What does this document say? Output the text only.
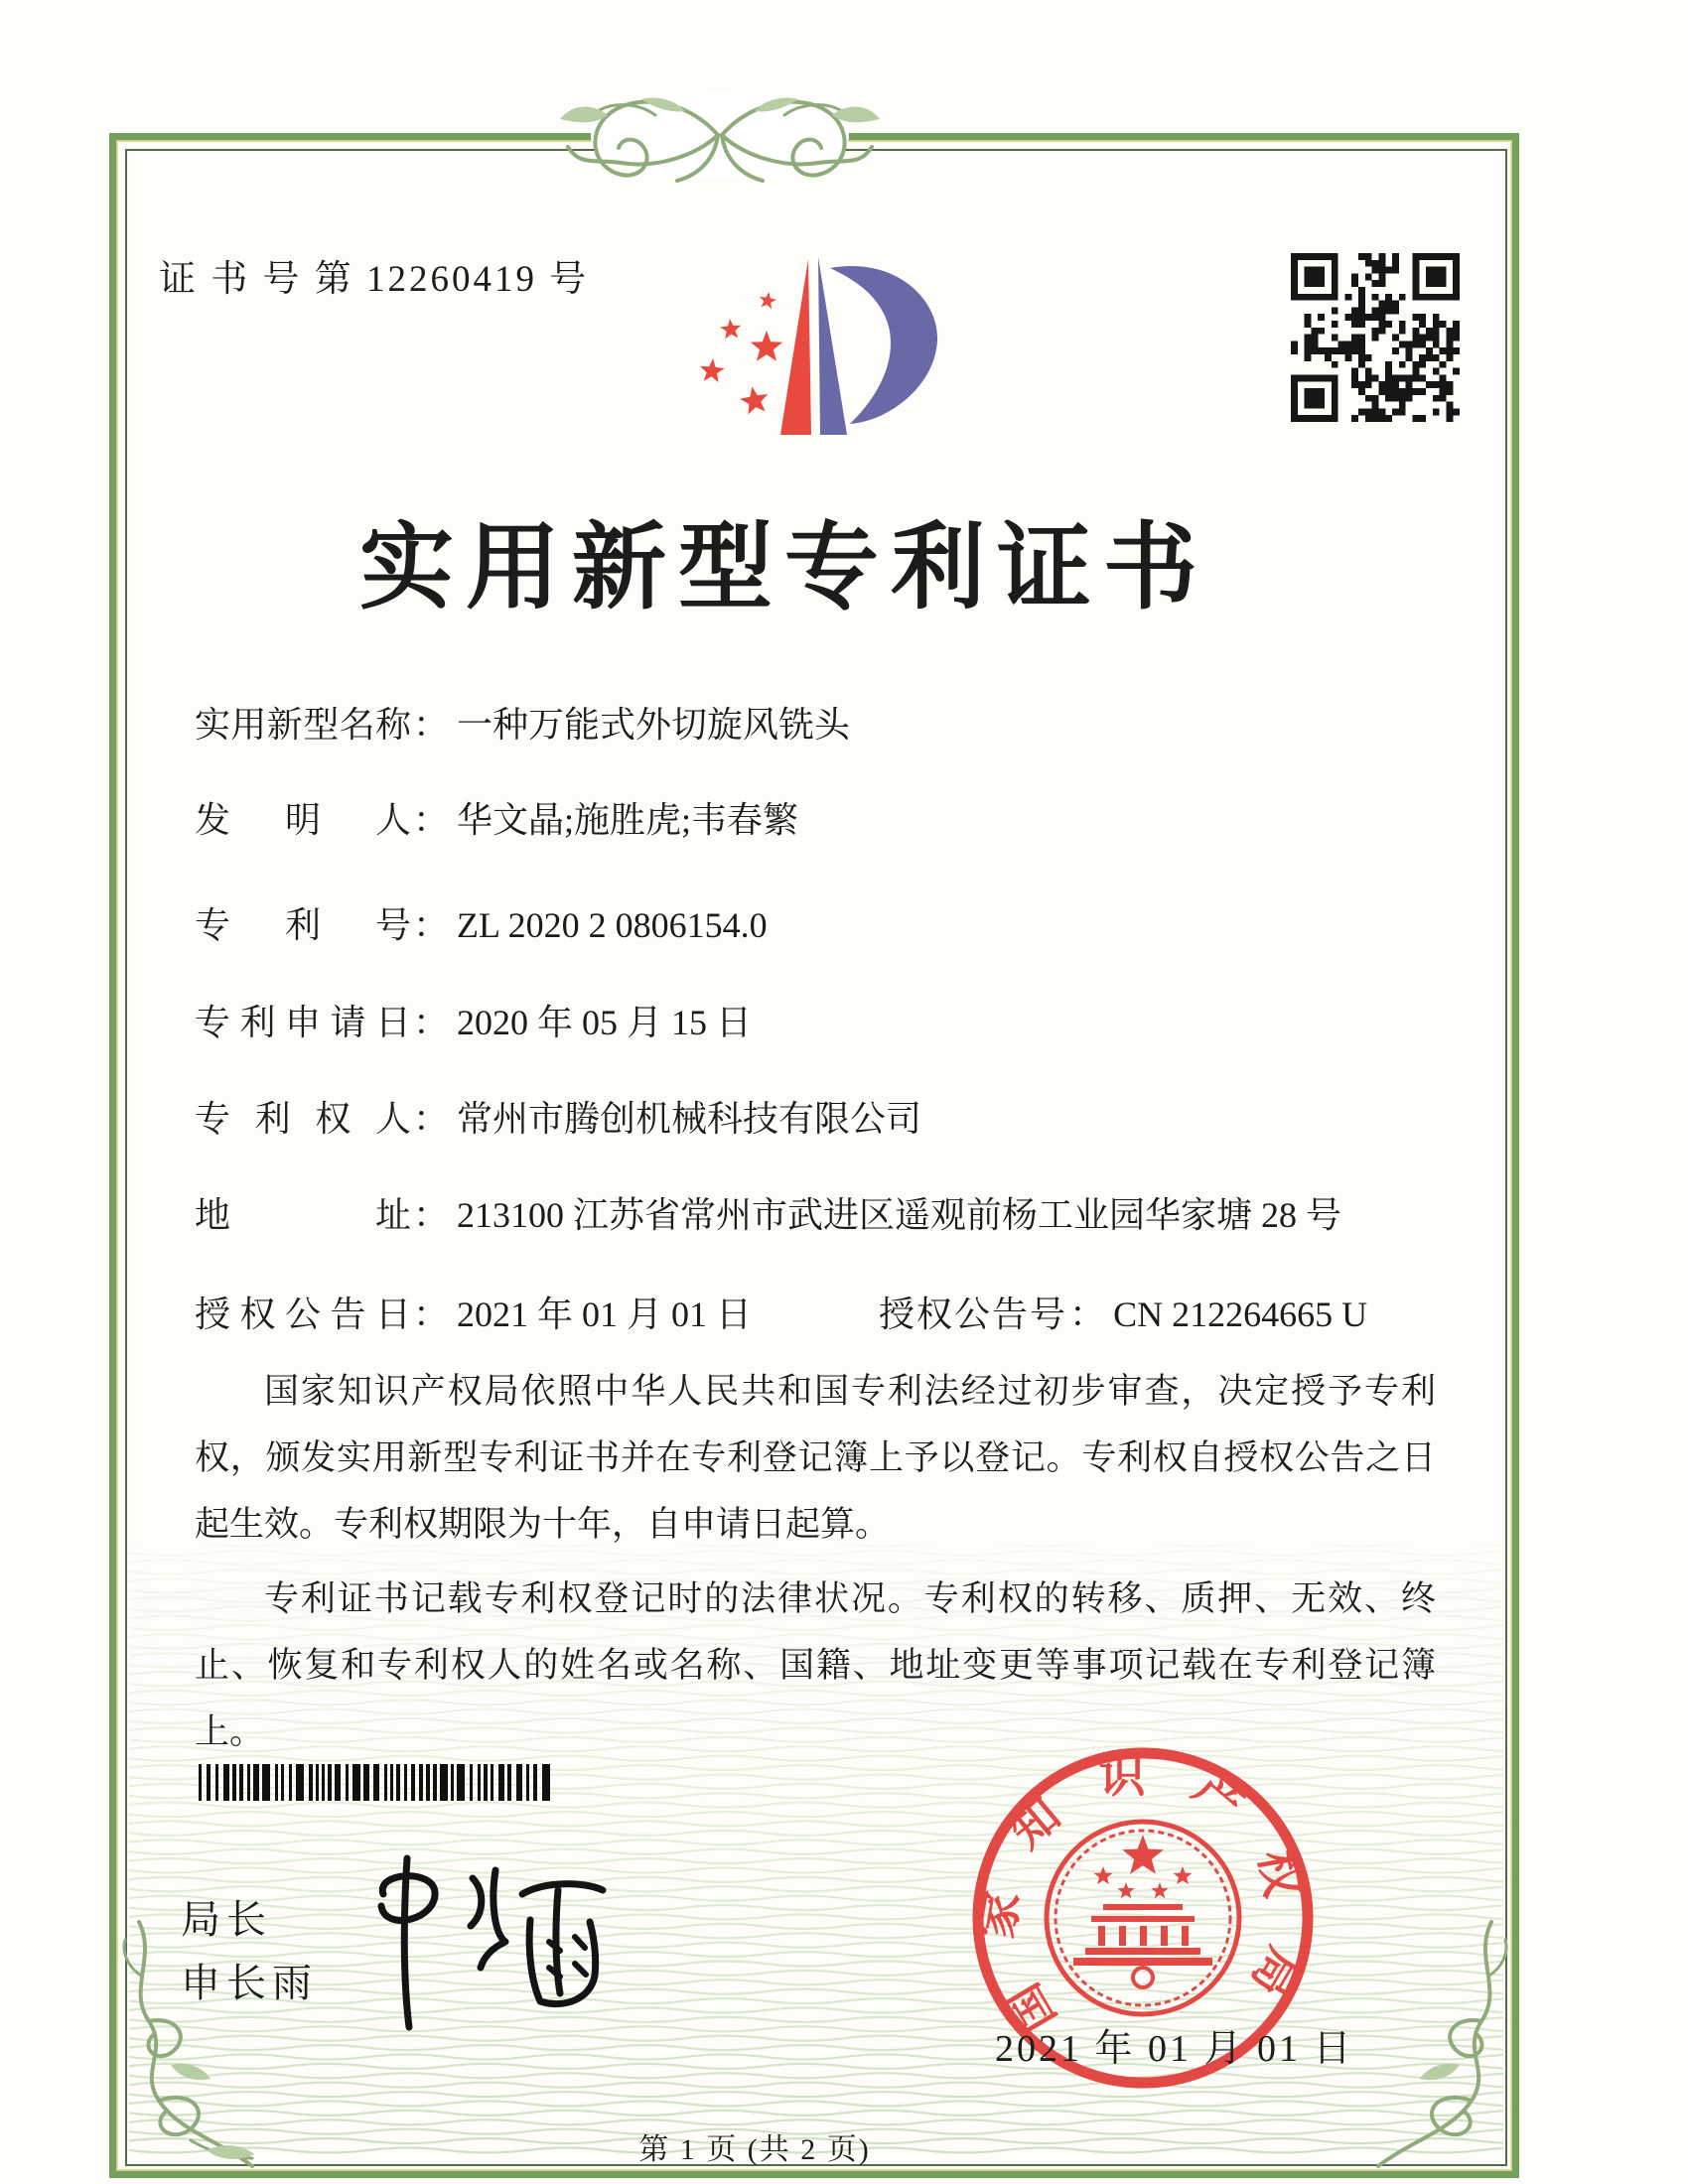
证 书 号 第 12260419 号
实用新型专利证书
实用新型名称： 一种万能式外切旋风铣头
发明人： 华文晶;施胜虎;韦春繁
专利号： ZL 2020 2 0806154.0
专利申请日： 2020 年 05 月 15 日
专利权人： 常州市腾创机械科技有限公司
地址： 213100 江苏省常州市武进区遥观前杨工业园华家塘 28 号
授权公告日： 2021 年 01 月 01 日	授权公告号： CN 212264665 U

国家知识产权局依照中华人民共和国专利法经过初步审查，决定授予专利权，颁发实用新型专利证书并在专利登记簿上予以登记。专利权自授权公告之日起生效。专利权期限为十年，自申请日起算。

专利证书记载专利权登记时的法律状况。专利权的转移、质押、无效、终止、恢复和专利权人的姓名或名称、国籍、地址变更等事项记载在专利登记簿上。

局长
申长雨	国家知识产权局
2021 年 01 月 01 日
第 1 页 (共 2 页)
